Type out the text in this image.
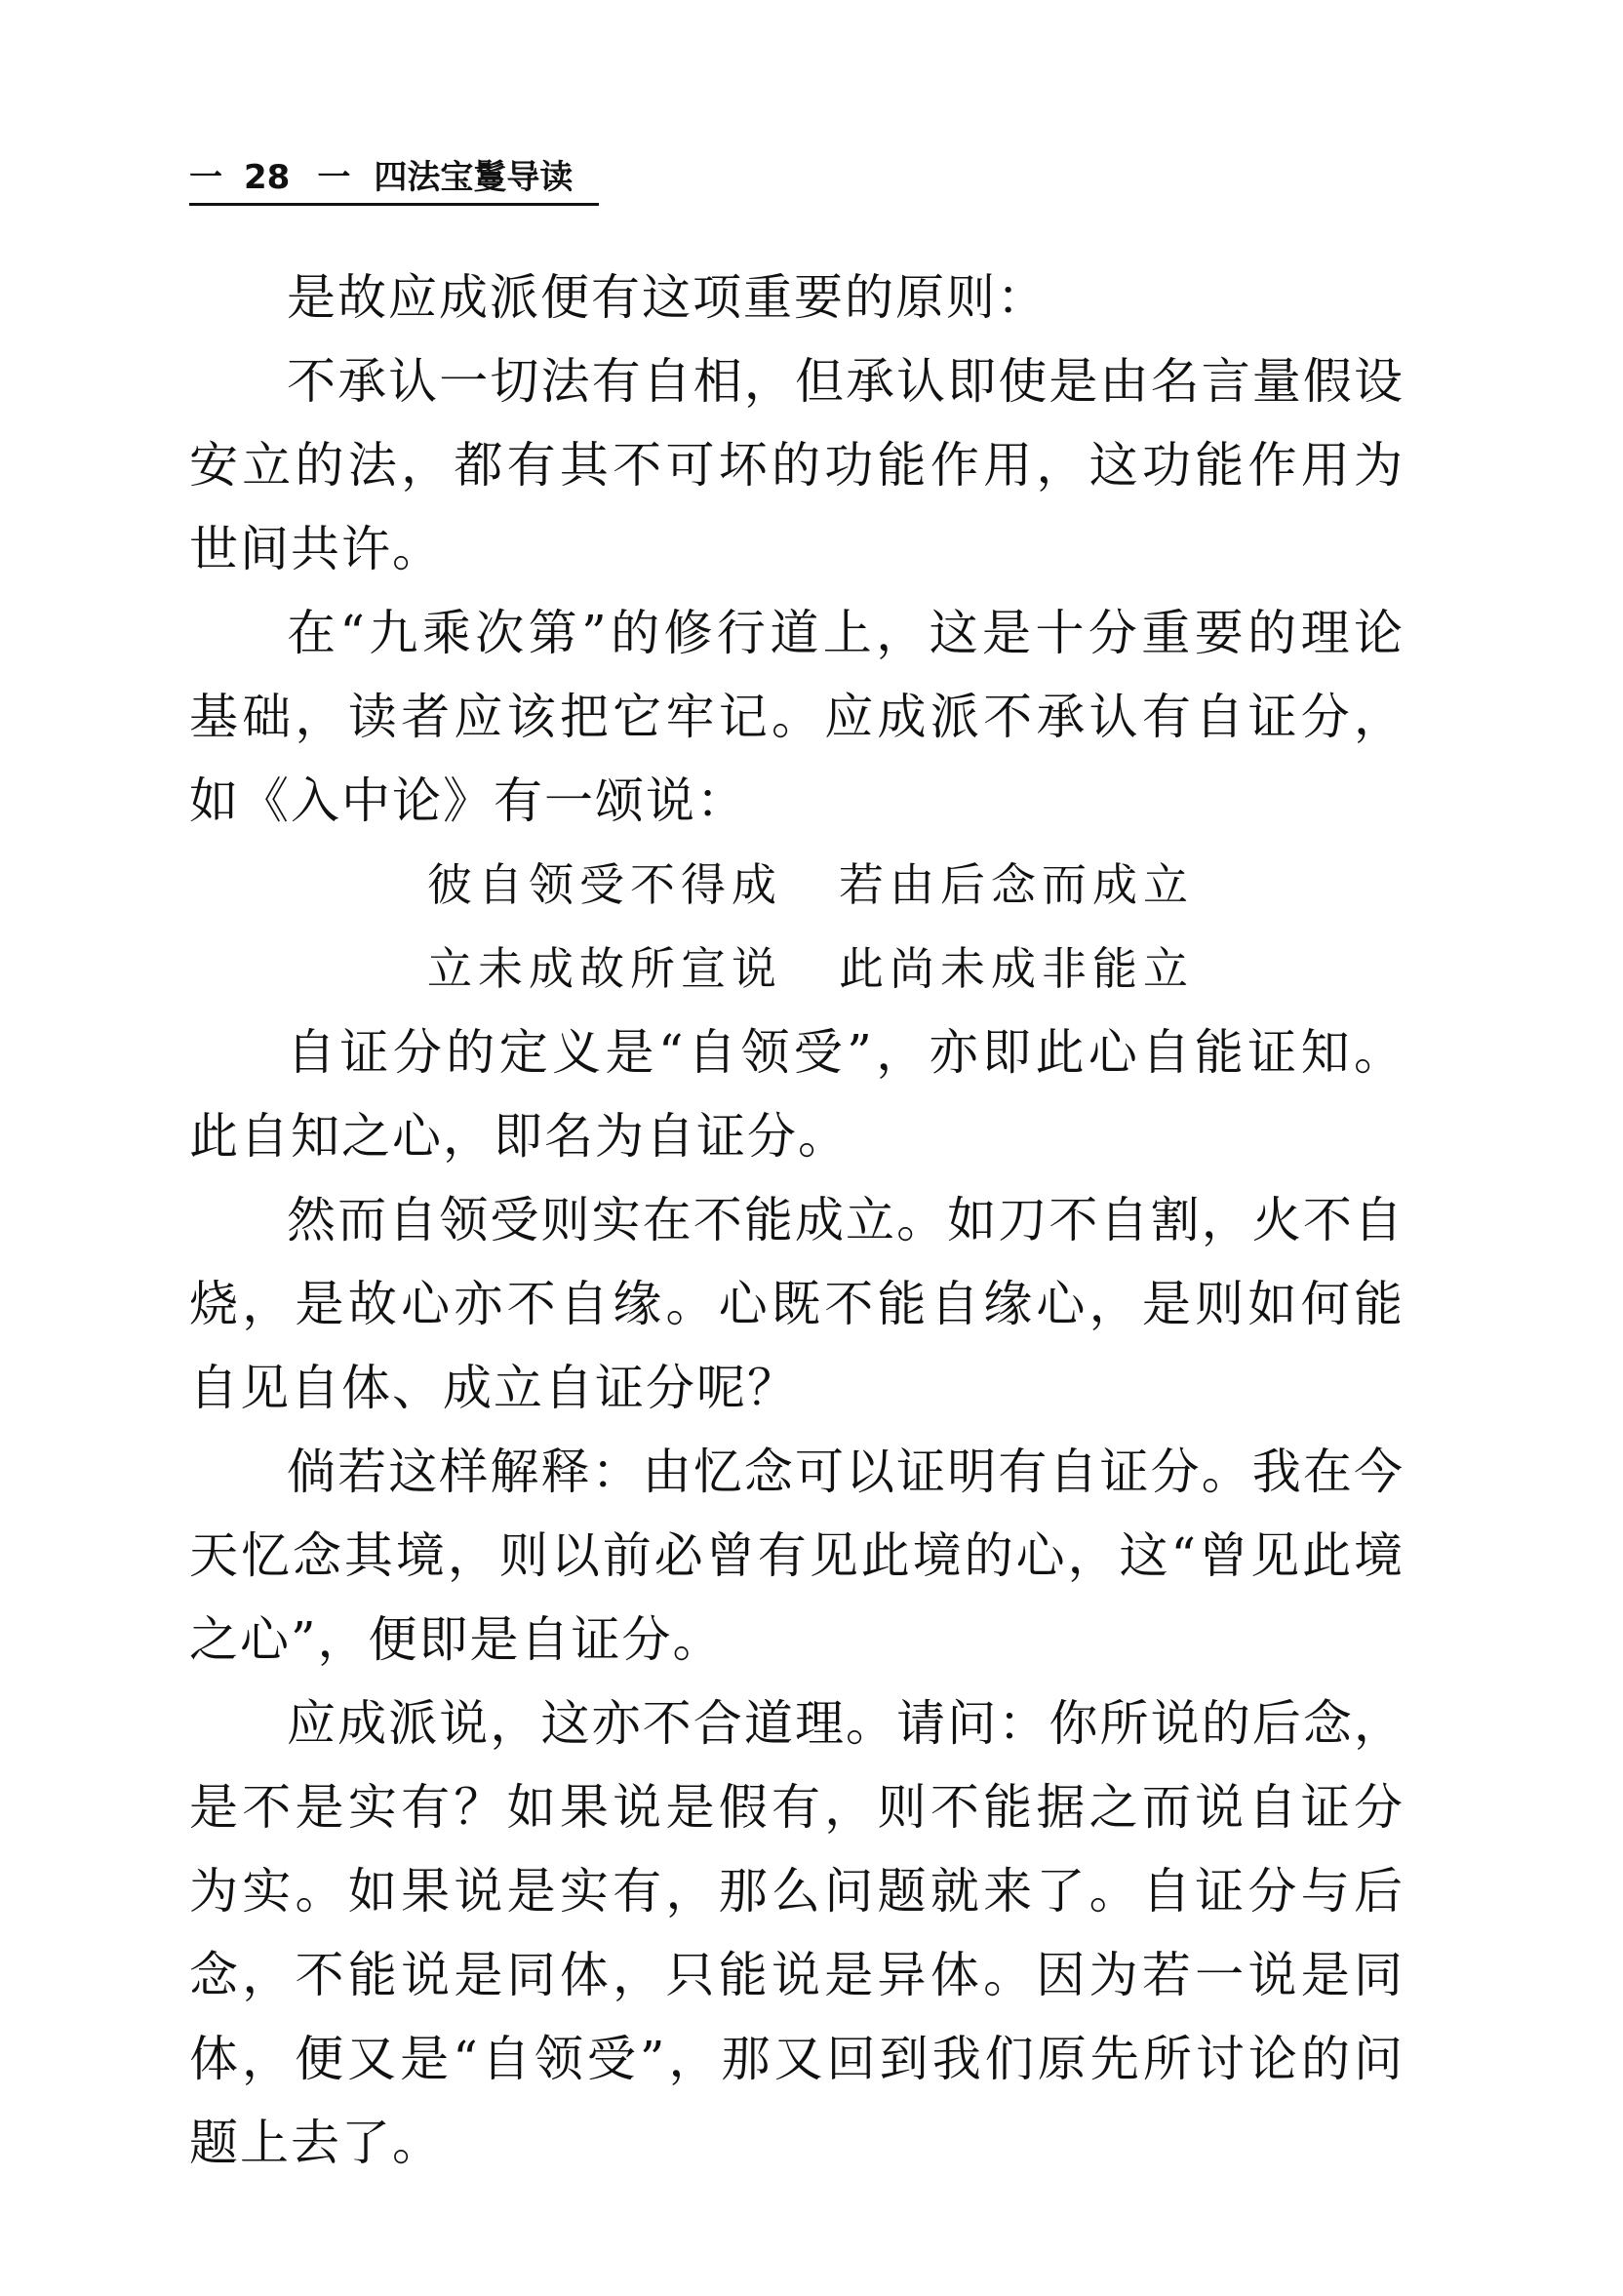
一 28 一 四法宝鬘导读

是故应成派便有这项重要的原则：

不承认一切法有自相，但承认即使是由名言量假设安立的法，都有其不可坏的功能作用，这功能作用为世间共许。

在“九乘次第”的修行道上，这是十分重要的理论基础，读者应该把它牢记。应成派不承认有自证分，如《入中论》有一颂说：

彼自领受不得成 若由后念而成立
立未成故所宣说 此尚未成非能立

自证分的定义是“自领受”，亦即此心自能证知。此自知之心，即名为自证分。

然而自领受则实在不能成立。如刀不自割，火不自烧，是故心亦不自缘。心既不能自缘心，是则如何能自见自体、成立自证分呢？

倘若这样解释：由忆念可以证明有自证分。我在今天忆念其境，则以前必曾有见此境的心，这“曾见此境之心”，便即是自证分。

应成派说，这亦不合道理。请问：你所说的后念，是不是实有？如果说是假有，则不能据之而说自证分为实。如果说是实有，那么问题就来了。自证分与后念，不能说是同体，只能说是异体。因为若一说是同体，便又是“自领受”，那又回到我们原先所讨论的问题上去了。
